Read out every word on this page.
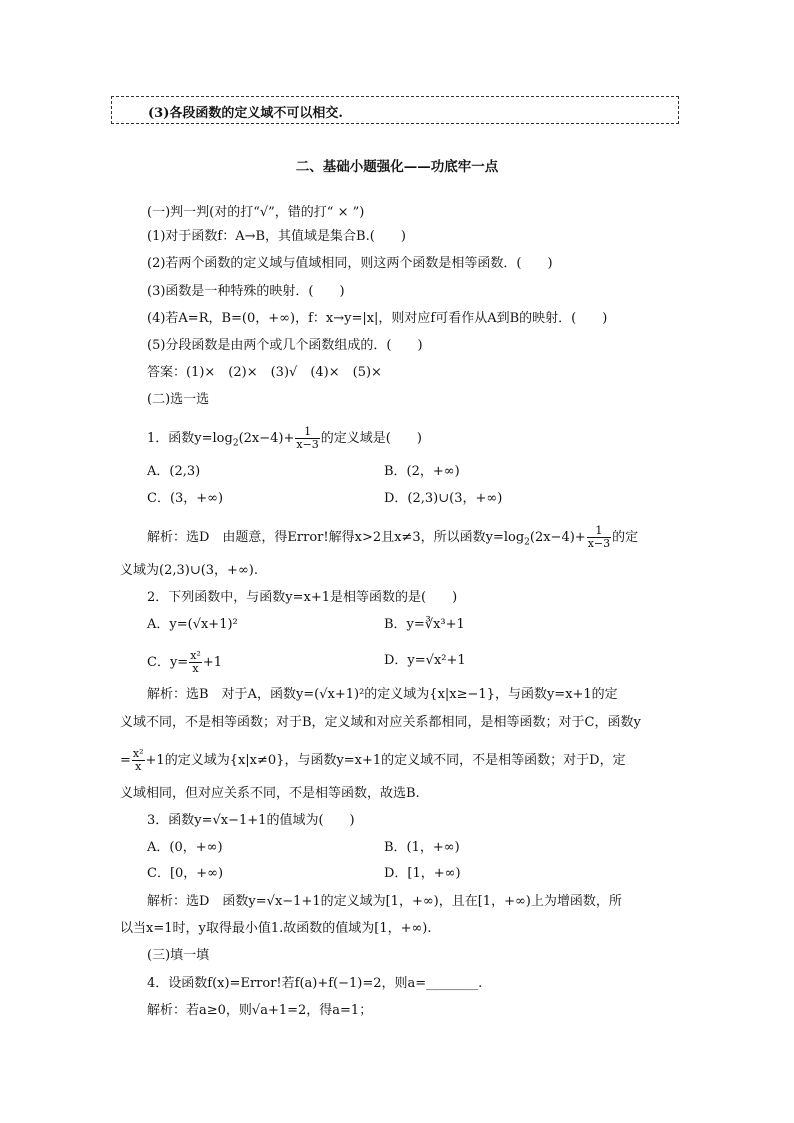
(3)各段函数的定义域不可以相交.
二、基础小题强化——功底牢一点
(一)判一判(对的打“√”，错的打“ × ”)
(1)对于函数f：A→B，其值域是集合B.(　　)
(2)若两个函数的定义域与值域相同，则这两个函数是相等函数．(　　)
(3)函数是一种特殊的映射．(　　)
(4)若A=R，B=(0，+∞)，f：x→y=|x|，则对应f可看作从A到B的映射．(　　)
(5)分段函数是由两个或几个函数组成的．(　　)
答案：(1)×　(2)×　(3)√　(4)×　(5)×
(二)选一选
1．函数$y=\log_2(2x-4)+ \frac{1}{x-3}$ 的定义域是(　　)
A．(2,3)	B．(2，+∞)
C．(3，+∞)	D．(2,3)∪(3，+∞)
解析：选D　由题意，得Error!解得x>2且x≠3，所以函数$y=\log_2(2x-4)+ \frac{1}{x-3}$ 的定
义域为(2,3)∪(3，+∞).
2．下列函数中，与函数y=x+1是相等函数的是(　　)
A．y=(√x+1)²	B．y=∛x³+1
C．$y= \frac{\text{x²}}{x} +1$	D．y=√x²+1
解析：选B　对于A，函数y=(√x+1)²的定义域为{x|x≥−1}，与函数y=x+1的定
义域不同，不是相等函数；对于B，定义域和对应关系都相同，是相等函数；对于C，函数y
= $\frac{\text{x²}}{x} +1$的定义域为{x|x≠0}，与函数y=x+1的定义域不同，不是相等函数；对于D，定
义域相同，但对应关系不同，不是相等函数，故选B.
3．函数y=√x−1+1的值域为(　　)
A．(0，+∞)	B．(1，+∞)
C．[0，+∞)	D．[1，+∞)
解析：选D　函数y=√x−1+1的定义域为[1，+∞)，且在[1，+∞)上为增函数，所
以当x=1时，y取得最小值1.故函数的值域为[1，+∞).
(三)填一填
4．设函数f(x)=Error!若f(a)+f(−1)=2，则a=________.
解析：若a≥0，则√a+1=2，得a=1；
